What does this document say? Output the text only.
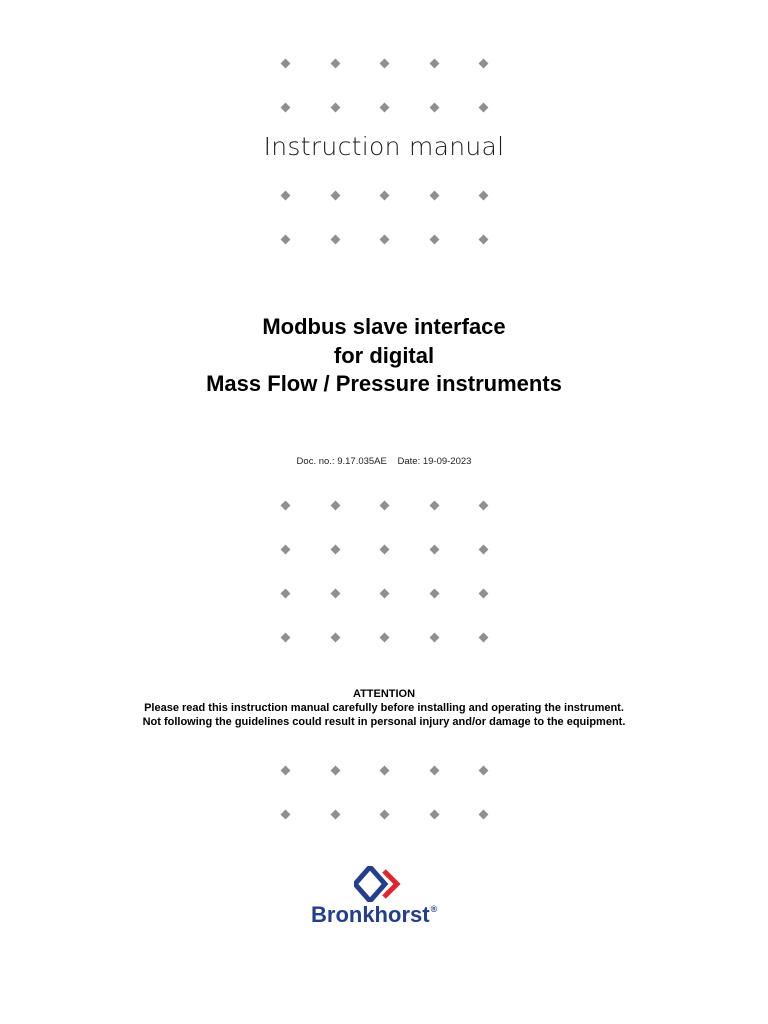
Instruction manual
Modbus slave interface
for digital
Mass Flow / Pressure instruments
Doc. no.: 9.17.035AE Date: 19-09-2023
ATTENTION
Please read this instruction manual carefully before installing and operating the instrument.
Not following the guidelines could result in personal injury and/or damage to the equipment.
Bronkhorst®
